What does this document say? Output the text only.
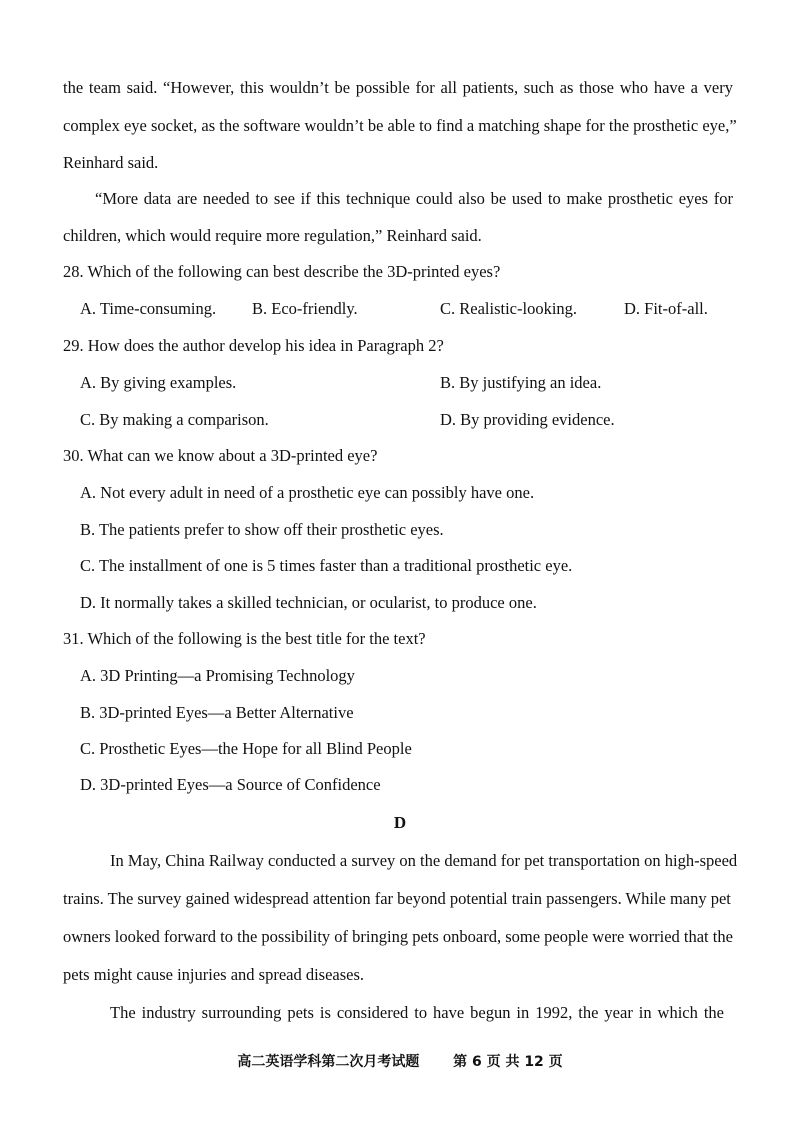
the team said. “However, this wouldn’t be possible for all patients, such as those who have a very
complex eye socket, as the software wouldn’t be able to find a matching shape for the prosthetic eye,”
Reinhard said.
“More data are needed to see if this technique could also be used to make prosthetic eyes for
children, which would require more regulation,” Reinhard said.
28. Which of the following can best describe the 3D-printed eyes?
A. Time-consuming. B. Eco-friendly.	C. Realistic-looking.	D. Fit-of-all.
29. How does the author develop his idea in Paragraph 2?
A. By giving examples.	B. By justifying an idea.
C. By making a comparison.	D. By providing evidence.
30. What can we know about a 3D-printed eye?
A. Not every adult in need of a prosthetic eye can possibly have one.
B. The patients prefer to show off their prosthetic eyes.
C. The installment of one is 5 times faster than a traditional prosthetic eye.
D. It normally takes a skilled technician, or ocularist, to produce one.
31. Which of the following is the best title for the text?
A. 3D Printing—a Promising Technology
B. 3D-printed Eyes—a Better Alternative
C. Prosthetic Eyes—the Hope for all Blind People
D. 3D-printed Eyes—a Source of Confidence
D
In May, China Railway conducted a survey on the demand for pet transportation on high-speed
trains. The survey gained widespread attention far beyond potential train passengers. While many pet
owners looked forward to the possibility of bringing pets onboard, some people were worried that the
pets might cause injuries and spread diseases.
The industry surrounding pets is considered to have begun in 1992, the year in which the
高二英语学科第二次月考试题 第 6 页 共 12 页
